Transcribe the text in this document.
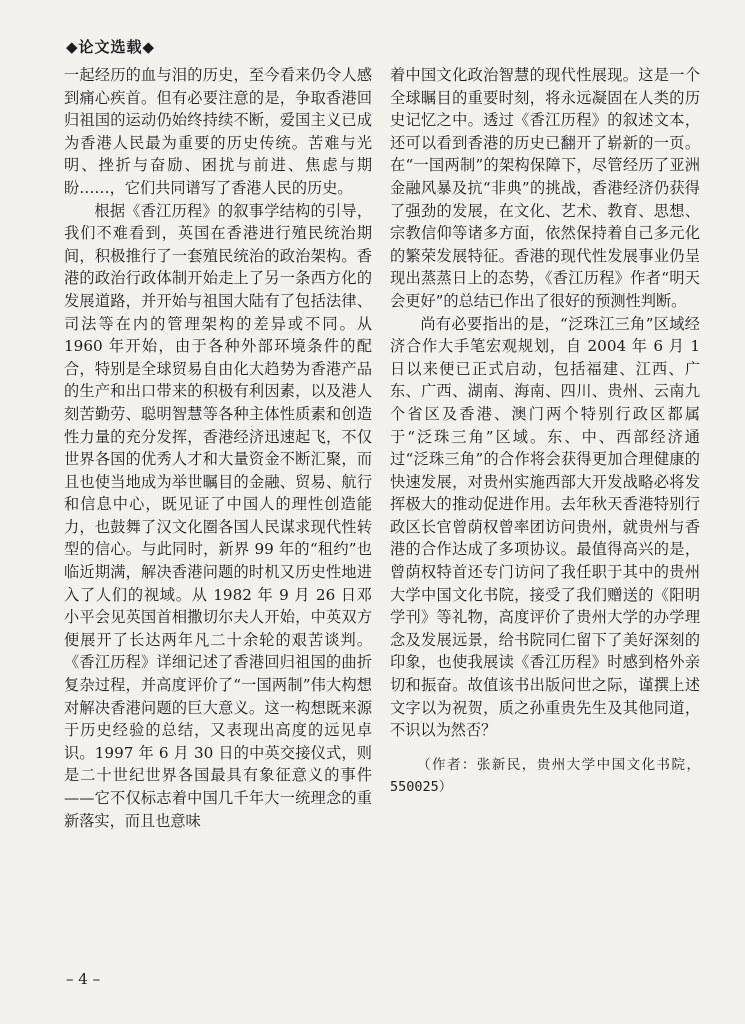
◆论文选载◆

一起经历的血与泪的历史，至今看来仍令人感到痛心疾首。但有必要注意的是，争取香港回归祖国的运动仍始终持续不断，爱国主义已成为香港人民最为重要的历史传统。苦难与光明、挫折与奋励、困扰与前进、焦虑与期盼……，它们共同谱写了香港人民的历史。

根据《香江历程》的叙事学结构的引导，我们不难看到，英国在香港进行殖民统治期间，积极推行了一套殖民统治的政治架构。香港的政治行政体制开始走上了另一条西方化的发展道路，并开始与祖国大陆有了包括法律、司法等在内的管理架构的差异或不同。从 1960 年开始，由于各种外部环境条件的配合，特别是全球贸易自由化大趋势为香港产品的生产和出口带来的积极有利因素，以及港人刻苦勤劳、聪明智慧等各种主体性质素和创造性力量的充分发挥，香港经济迅速起飞，不仅世界各国的优秀人才和大量资金不断汇聚，而且也使当地成为举世瞩目的金融、贸易、航行和信息中心，既见证了中国人的理性创造能力，也鼓舞了汉文化圈各国人民谋求现代性转型的信心。与此同时，新界 99 年的“租约”也临近期满，解决香港问题的时机又历史性地进入了人们的视域。从 1982 年 9 月 26 日邓小平会见英国首相撒切尔夫人开始，中英双方便展开了长达两年凡二十余轮的艰苦谈判。《香江历程》详细记述了香港回归祖国的曲折复杂过程，并高度评价了“一国两制”伟大构想对解决香港问题的巨大意义。这一构想既来源于历史经验的总结，又表现出高度的远见卓识。1997 年 6 月 30 日的中英交接仪式，则是二十世纪世界各国最具有象征意义的事件——它不仅标志着中国几千年大一统理念的重新落实，而且也意味

着中国文化政治智慧的现代性展现。这是一个全球瞩目的重要时刻，将永远凝固在人类的历史记忆之中。透过《香江历程》的叙述文本，还可以看到香港的历史已翻开了崭新的一页。在“一国两制”的架构保障下，尽管经历了亚洲金融风暴及抗“非典”的挑战，香港经济仍获得了强劲的发展，在文化、艺术、教育、思想、宗教信仰等诸多方面，依然保持着自己多元化的繁荣发展特征。香港的现代性发展事业仍呈现出蒸蒸日上的态势，《香江历程》作者“明天会更好”的总结已作出了很好的预测性判断。

尚有必要指出的是，“泛珠江三角”区域经济合作大手笔宏观规划，自 2004 年 6 月 1 日以来便已正式启动，包括福建、江西、广东、广西、湖南、海南、四川、贵州、云南九个省区及香港、澳门两个特别行政区都属于“泛珠三角”区域。东、中、西部经济通过“泛珠三角”的合作将会获得更加合理健康的快速发展，对贵州实施西部大开发战略必将发挥极大的推动促进作用。去年秋天香港特别行政区长官曾荫权曾率团访问贵州，就贵州与香港的合作达成了多项协议。最值得高兴的是，曾荫权特首还专门访问了我任职于其中的贵州大学中国文化书院，接受了我们赠送的《阳明学刊》等礼物，高度评价了贵州大学的办学理念及发展远景，给书院同仁留下了美好深刻的印象，也使我展读《香江历程》时感到格外亲切和振奋。故值该书出版问世之际，谨撰上述文字以为祝贺，质之孙重贵先生及其他同道，不识以为然否？

（作者：张新民，贵州大学中国文化书院，550025）

– 4 –
